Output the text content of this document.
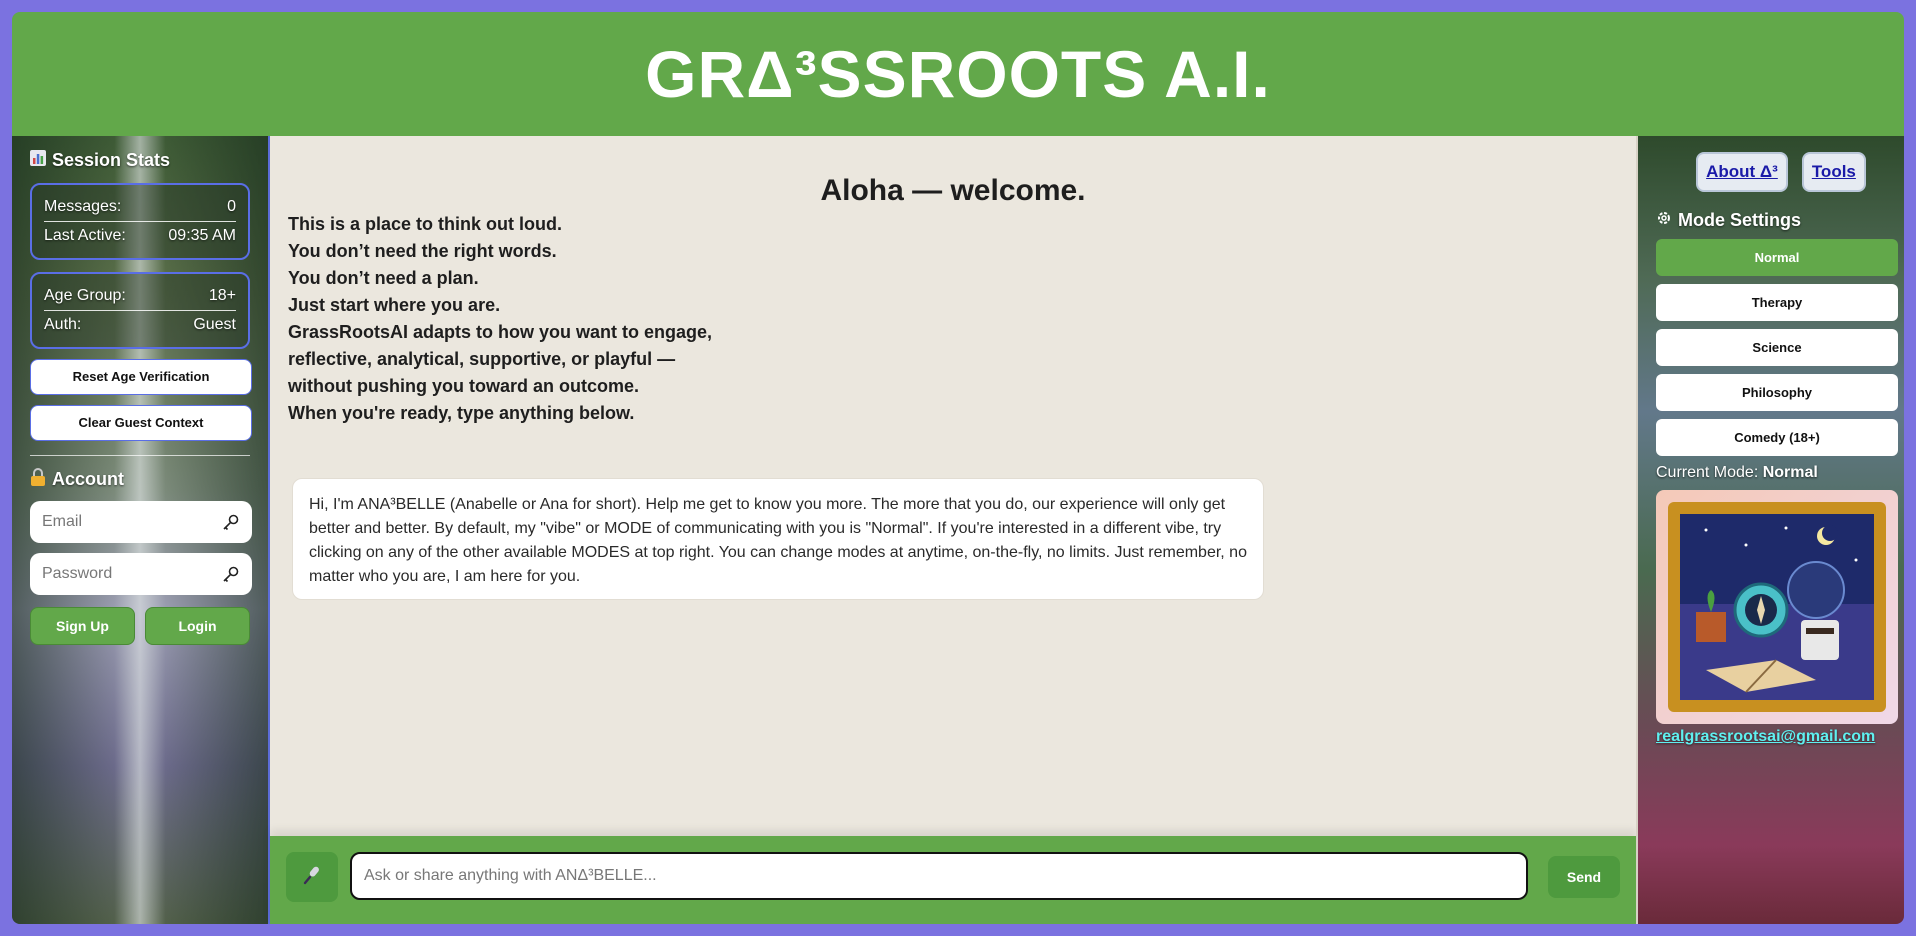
GRΔ³SSROOTS A.I.
Session Stats
Messages:	0
Last Active:	09:35 AM
Age Group:	18+
Auth:	Guest
Reset Age Verification
Clear Guest Context
Account
Email
Password
Sign Up	Login
Aloha — welcome.
This is a place to think out loud.
You don’t need the right words.
You don’t need a plan.
Just start where you are.
GrassRootsAI adapts to how you want to engage,
reflective, analytical, supportive, or playful —
without pushing you toward an outcome.
When you're ready, type anything below.
Hi, I'm ANA³BELLE (Anabelle or Ana for short). Help me get to know you more. The more that you do, our experience will only get better and better. By default, my "vibe" or MODE of communicating with you is "Normal". If you're interested in a different vibe, try clicking on any of the other available MODES at top right. You can change modes at anytime, on-the-fly, no limits. Just remember, no matter who you are, I am here for you.
Ask or share anything with ANΔ³BELLE...
Send
About Δ³	Tools
Mode Settings
Normal
Therapy
Science
Philosophy
Comedy (18+)
Current Mode: Normal
realgrassrootsai@gmail.com
